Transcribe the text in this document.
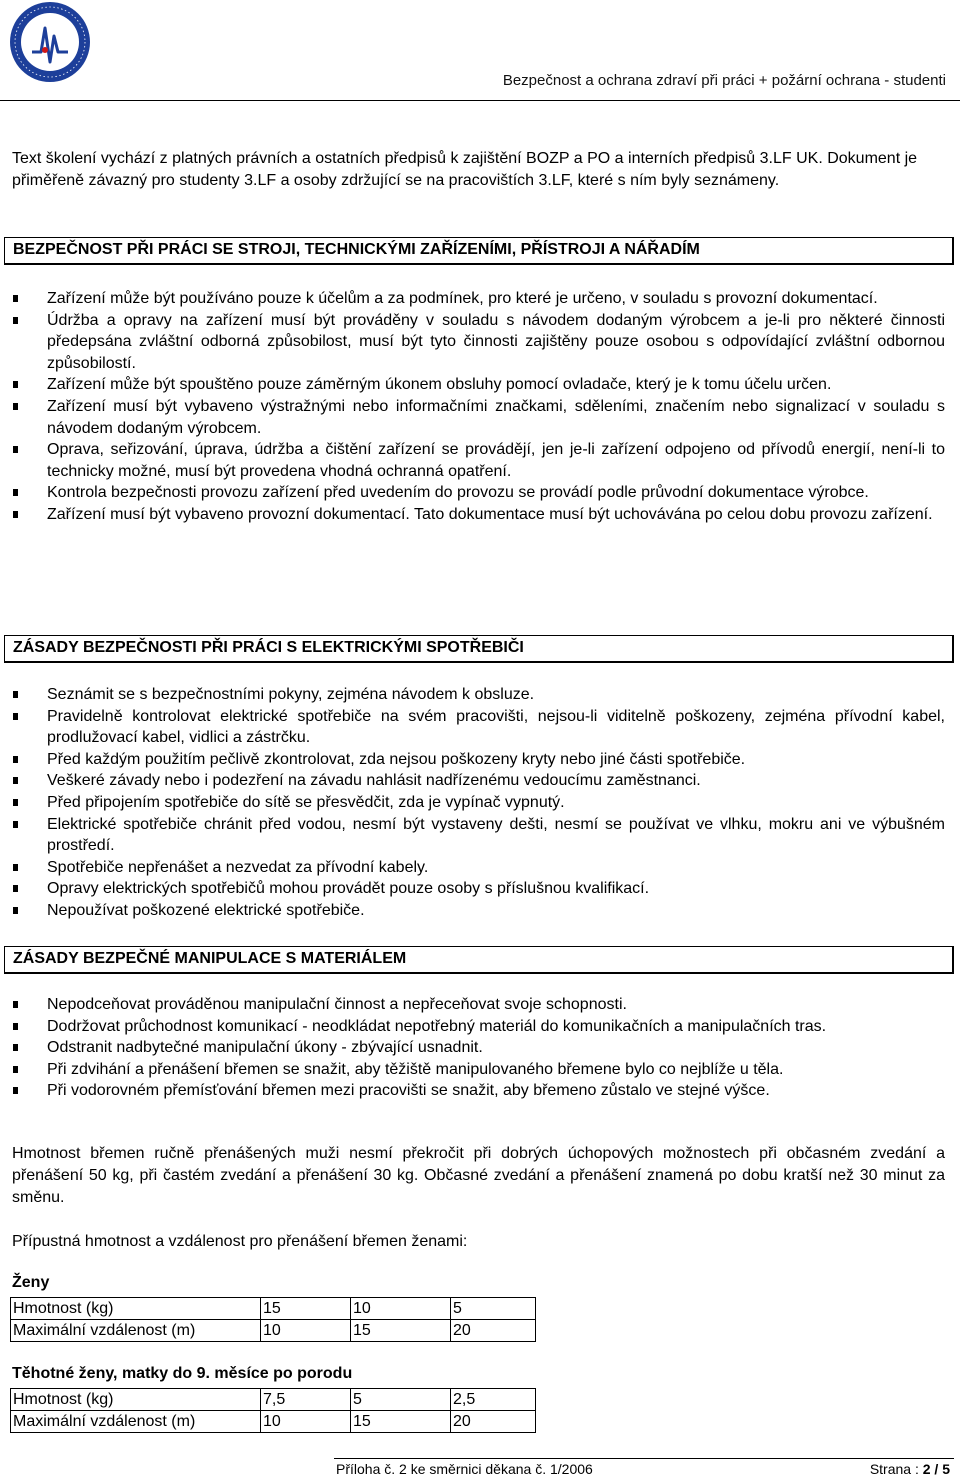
Bezpečnost a ochrana zdraví při práci + požární ochrana - studenti
Text školení vychází z platných právních a ostatních předpisů k zajištění BOZP a PO a interních předpisů 3.LF UK. Dokument je přiměřeně závazný pro studenty 3.LF a osoby zdržující se na pracovištích 3.LF, které s ním byly seznámeny.
BEZPEČNOST PŘI PRÁCI SE STROJI, TECHNICKÝMI ZAŘÍZENÍMI, PŘÍSTROJI A NÁŘADÍM
Zařízení může být používáno pouze k účelům a za podmínek, pro které je určeno, v souladu s provozní dokumentací.
Údržba a opravy na zařízení musí být prováděny v souladu s návodem dodaným výrobcem a je-li pro některé činnosti předepsána zvláštní odborná způsobilost, musí být tyto činnosti zajištěny pouze osobou s odpovídající zvláštní odbornou způsobilostí.
Zařízení může být spouštěno pouze záměrným úkonem obsluhy pomocí ovladače, který je k tomu účelu určen.
Zařízení musí být vybaveno výstražnými nebo informačními značkami, sděleními, značením nebo signalizací v souladu s návodem dodaným výrobcem.
Oprava, seřizování, úprava, údržba a čištění zařízení se provádějí, jen je-li zařízení odpojeno od přívodů energií, není-li to technicky možné, musí být provedena vhodná ochranná opatření.
Kontrola bezpečnosti provozu zařízení před uvedením do provozu se provádí podle průvodní dokumentace výrobce.
Zařízení musí být vybaveno provozní dokumentací. Tato dokumentace musí být uchovávána po celou dobu provozu zařízení.
ZÁSADY BEZPEČNOSTI PŘI PRÁCI S ELEKTRICKÝMI SPOTŘEBIČI
Seznámit se s bezpečnostními pokyny, zejména návodem k obsluze.
Pravidelně kontrolovat elektrické spotřebiče na svém pracovišti, nejsou-li viditelně poškozeny, zejména přívodní kabel, prodlužovací kabel, vidlici a zástrčku.
Před každým použitím pečlivě zkontrolovat, zda nejsou poškozeny kryty nebo jiné části spotřebiče.
Veškeré závady nebo i podezření na závadu nahlásit nadřízenému vedoucímu zaměstnanci.
Před připojením spotřebiče do sítě se přesvědčit, zda je vypínač vypnutý.
Elektrické spotřebiče chránit před vodou, nesmí být vystaveny dešti, nesmí se používat ve vlhku, mokru ani ve výbušném prostředí.
Spotřebiče nepřenášet a nezvedat za přívodní kabely.
Opravy elektrických spotřebičů mohou provádět pouze osoby s příslušnou kvalifikací.
Nepoužívat poškozené elektrické spotřebiče.
ZÁSADY BEZPEČNÉ MANIPULACE S MATERIÁLEM
Nepodceňovat prováděnou manipulační činnost a nepřeceňovat svoje schopnosti.
Dodržovat průchodnost komunikací - neodkládat nepotřebný materiál do komunikačních a manipulačních tras.
Odstranit nadbytečné manipulační úkony - zbývající usnadnit.
Při zdvihání a přenášení břemen se snažit, aby těžiště manipulovaného břemene bylo co nejblíže u těla.
Při vodorovném přemísťování břemen mezi pracovišti se snažit, aby břemeno zůstalo ve stejné výšce.
Hmotnost břemen ručně přenášených muži nesmí překročit při dobrých úchopových možnostech při občasném zvedání a přenášení 50 kg, při častém zvedání a přenášení 30 kg. Občasné zvedání a přenášení znamená po dobu kratší než 30 minut za směnu.
Přípustná hmotnost a vzdálenost pro přenášení břemen ženami:
Ženy
Hmotnost (kg)	15	10	5
Maximální vzdálenost (m)	10	15	20
Těhotné ženy, matky do 9. měsíce po porodu
Hmotnost (kg)	7,5	5	2,5
Maximální vzdálenost (m)	10	15	20
Příloha č. 2 ke směrnici děkana č. 1/2006	Strana : 2 / 5
